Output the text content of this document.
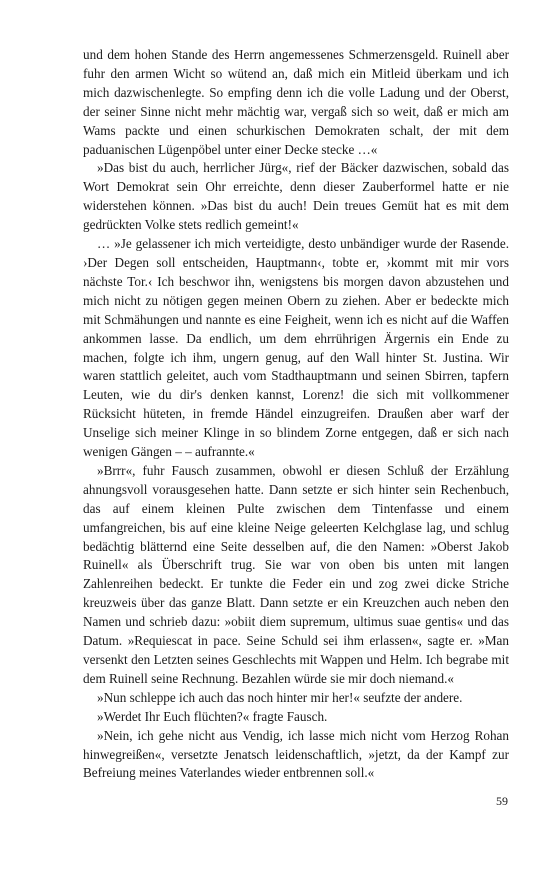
und dem hohen Stande des Herrn angemessenes Schmerzensgeld. Ruinell aber fuhr den armen Wicht so wütend an, daß mich ein Mitleid überkam und ich mich dazwischenlegte. So empfing denn ich die volle Ladung und der Oberst, der seiner Sinne nicht mehr mächtig war, vergaß sich so weit, daß er mich am Wams packte und einen schurkischen Demokraten schalt, der mit dem paduanischen Lügenpöbel unter einer Decke stecke …«

»Das bist du auch, herrlicher Jürg«, rief der Bäcker dazwischen, sobald das Wort Demokrat sein Ohr erreichte, denn dieser Zauberformel hatte er nie widerstehen können. »Das bist du auch! Dein treues Gemüt hat es mit dem gedrückten Volke stets redlich gemeint!«

… »Je gelassener ich mich verteidigte, desto unbändiger wurde der Rasende. ›Der Degen soll entscheiden, Hauptmann‹, tobte er, ›kommt mit mir vors nächste Tor.‹ Ich beschwor ihn, wenigstens bis morgen davon abzustehen und mich nicht zu nötigen gegen meinen Obern zu ziehen. Aber er bedeckte mich mit Schmähungen und nannte es eine Feigheit, wenn ich es nicht auf die Waffen ankommen lasse. Da endlich, um dem ehrrührigen Ärgernis ein Ende zu machen, folgte ich ihm, ungern genug, auf den Wall hinter St. Justina. Wir waren stattlich geleitet, auch vom Stadthauptmann und seinen Sbirren, tapfern Leuten, wie du dir's denken kannst, Lorenz! die sich mit vollkommener Rücksicht hüteten, in fremde Händel einzugreifen. Draußen aber warf der Unselige sich meiner Klinge in so blindem Zorne entgegen, daß er sich nach wenigen Gängen – – aufrannte.«

»Brrr«, fuhr Fausch zusammen, obwohl er diesen Schluß der Erzählung ahnungsvoll vorausgesehen hatte. Dann setzte er sich hinter sein Rechenbuch, das auf einem kleinen Pulte zwischen dem Tintenfasse und einem umfangreichen, bis auf eine kleine Neige geleerten Kelchglase lag, und schlug bedächtig blätternd eine Seite desselben auf, die den Namen: »Oberst Jakob Ruinell« als Überschrift trug. Sie war von oben bis unten mit langen Zahlenreihen bedeckt. Er tunkte die Feder ein und zog zwei dicke Striche kreuzweis über das ganze Blatt. Dann setzte er ein Kreuzchen auch neben den Namen und schrieb dazu: »obiit diem supremum, ultimus suae gentis« und das Datum. »Requiescat in pace. Seine Schuld sei ihm erlassen«, sagte er. »Man versenkt den Letzten seines Geschlechts mit Wappen und Helm. Ich begrabe mit dem Ruinell seine Rechnung. Bezahlen würde sie mir doch niemand.«

»Nun schleppe ich auch das noch hinter mir her!« seufzte der andere.

»Werdet Ihr Euch flüchten?« fragte Fausch.

»Nein, ich gehe nicht aus Vendig, ich lasse mich nicht vom Herzog Rohan hinwegreißen«, versetzte Jenatsch leidenschaftlich, »jetzt, da der Kampf zur Befreiung meines Vaterlandes wieder entbrennen soll.«

59
